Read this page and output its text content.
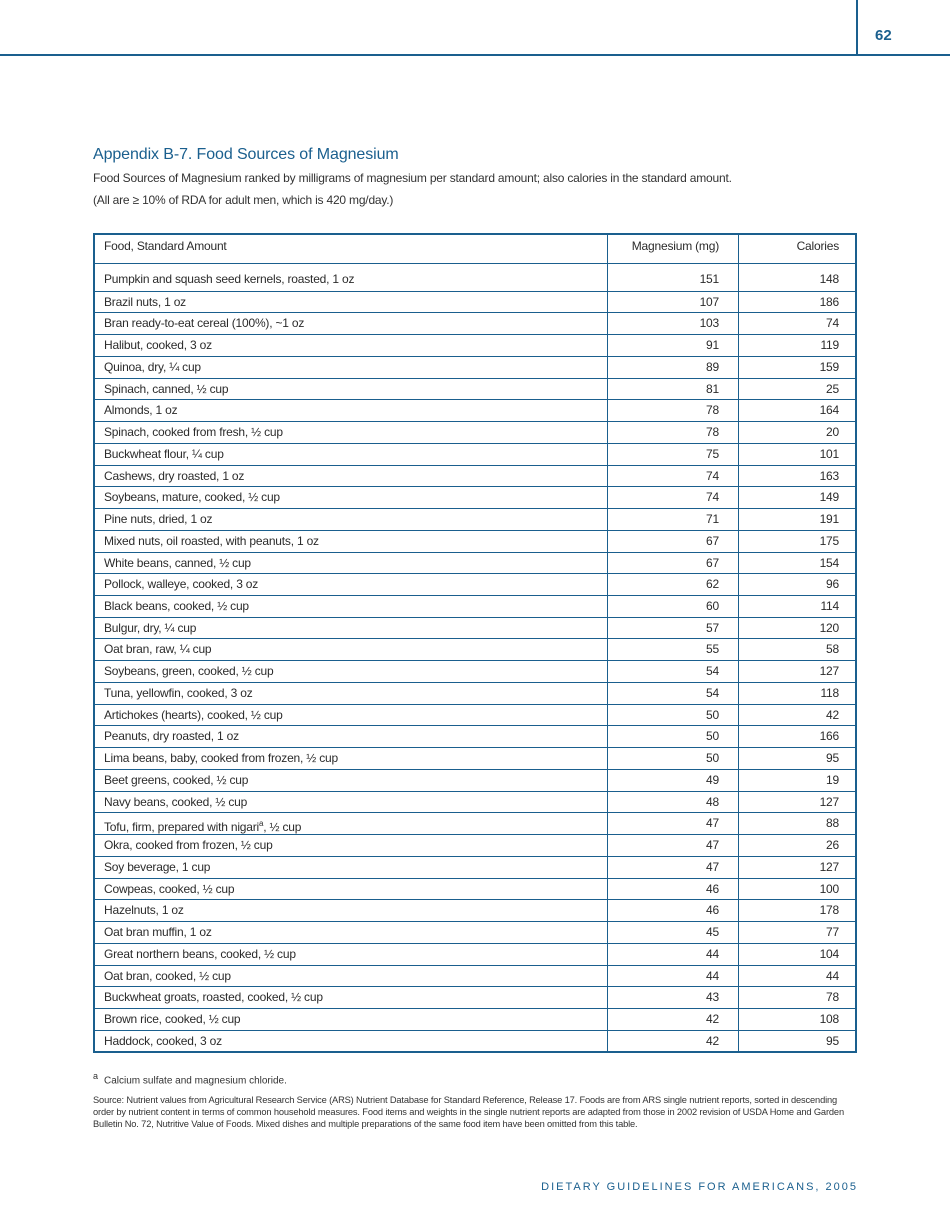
62
Appendix B-7. Food Sources of Magnesium
Food Sources of Magnesium ranked by milligrams of magnesium per standard amount; also calories in the standard amount.
(All are ≥ 10% of RDA for adult men, which is 420 mg/day.)
Food, Standard Amount	Magnesium (mg)	Calories
Pumpkin and squash seed kernels, roasted, 1 oz	151	148
Brazil nuts, 1 oz	107	186
Bran ready-to-eat cereal (100%), ~1 oz	103	74
Halibut, cooked, 3 oz	91	119
Quinoa, dry, ¼ cup	89	159
Spinach, canned, ½ cup	81	25
Almonds, 1 oz	78	164
Spinach, cooked from fresh, ½ cup	78	20
Buckwheat flour, ¼ cup	75	101
Cashews, dry roasted, 1 oz	74	163
Soybeans, mature, cooked, ½ cup	74	149
Pine nuts, dried, 1 oz	71	191
Mixed nuts, oil roasted, with peanuts, 1 oz	67	175
White beans, canned, ½ cup	67	154
Pollock, walleye, cooked, 3 oz	62	96
Black beans, cooked, ½ cup	60	114
Bulgur, dry, ¼ cup	57	120
Oat bran, raw, ¼ cup	55	58
Soybeans, green, cooked, ½ cup	54	127
Tuna, yellowfin, cooked, 3 oz	54	118
Artichokes (hearts), cooked, ½ cup	50	42
Peanuts, dry roasted, 1 oz	50	166
Lima beans, baby, cooked from frozen, ½ cup	50	95
Beet greens, cooked, ½ cup	49	19
Navy beans, cooked, ½ cup	48	127
Tofu, firm, prepared with nigari$^a$, ½ cup	47	88
Okra, cooked from frozen, ½ cup	47	26
Soy beverage, 1 cup	47	127
Cowpeas, cooked, ½ cup	46	100
Hazelnuts, 1 oz	46	178
Oat bran muffin, 1 oz	45	77
Great northern beans, cooked, ½ cup	44	104
Oat bran, cooked, ½ cup	44	44
Buckwheat groats, roasted, cooked, ½ cup	43	78
Brown rice, cooked, ½ cup	42	108
Haddock, cooked, 3 oz	42	95
$^a$ Calcium sulfate and magnesium chloride.
Source: Nutrient values from Agricultural Research Service (ARS) Nutrient Database for Standard Reference, Release 17. Foods are from ARS single nutrient reports, sorted in descending order by nutrient content in terms of common household measures. Food items and weights in the single nutrient reports are adapted from those in 2002 revision of USDA Home and Garden Bulletin No. 72, Nutritive Value of Foods. Mixed dishes and multiple preparations of the same food item have been omitted from this table.
DIETARY GUIDELINES FOR AMERICANS, 2005
